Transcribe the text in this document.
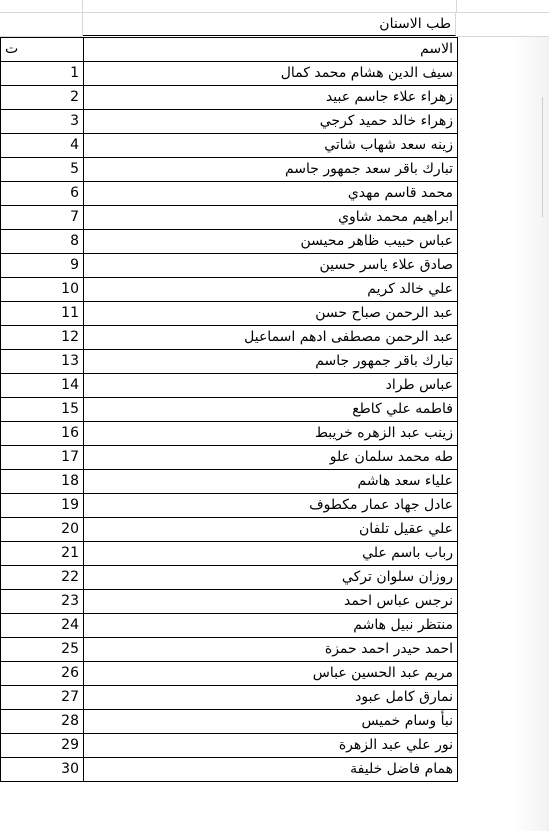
طب الاسنان
ت	الاسم
1	سيف الدين هشام محمد كمال
2	زهراء علاء جاسم عبيد
3	زهراء خالد حميد كرجي
4	زينه سعد شهاب شاتي
5	تبارك باقر سعد جمهور جاسم
6	محمد قاسم مهدي
7	ابراهيم محمد شاوي
8	عباس حبيب ظاهر محيسن
9	صادق علاء ياسر حسين
10	علي خالد كريم
11	عبد الرحمن صباح حسن
12	عبد الرحمن مصطفى ادهم اسماعيل
13	تبارك باقر جمهور جاسم
14	عباس طراد
15	فاطمه علي كاطع
16	زينب عبد الزهره خريبط
17	طه محمد سلمان علو
18	علياء سعد هاشم
19	عادل جهاد عمار مكطوف
20	علي عقيل تلفان
21	رباب باسم علي
22	روزان سلوان تركي
23	نرجس عباس احمد
24	منتظر نبيل هاشم
25	احمد حيدر احمد حمزة
26	مريم عبد الحسين عباس
27	نمارق كامل عبود
28	نبأ وسام خميس
29	نور علي عبد الزهرة
30	همام فاضل خليفة
